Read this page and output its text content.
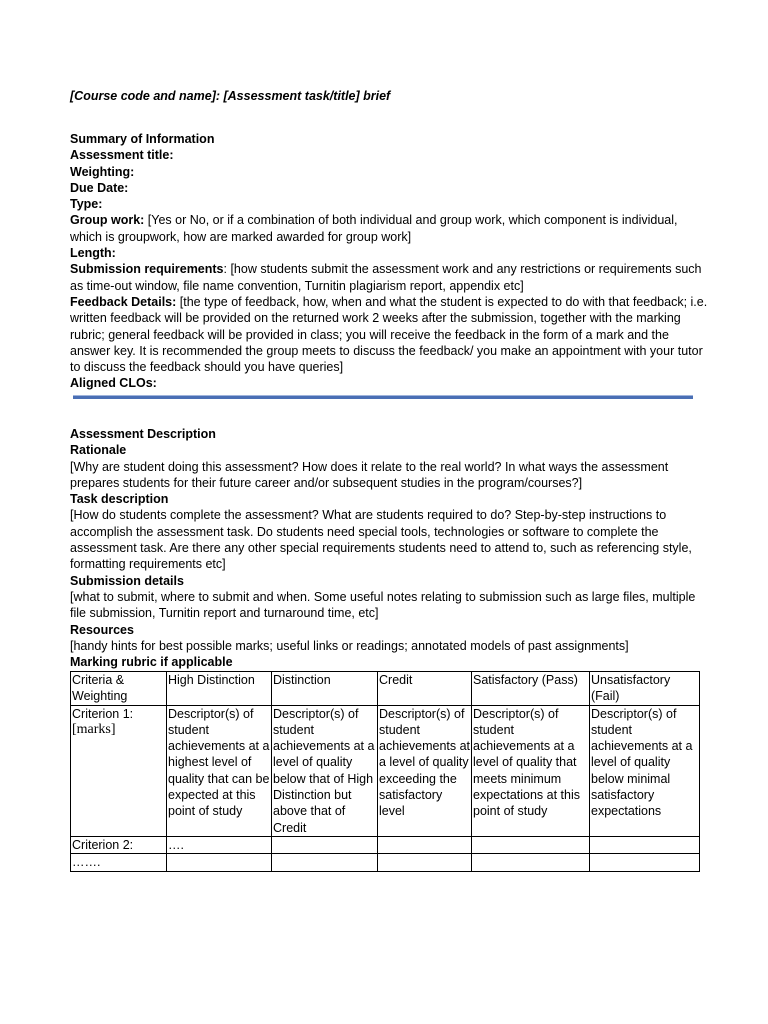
[Course code and name]: [Assessment task/title] brief

Summary of Information

Assessment title:

Weighting:

Due Date:

Type:

Group work: [Yes or No, or if a combination of both individual and group work, which component is individual, which is groupwork, how are marked awarded for group work]

Length:

Submission requirements: [how students submit the assessment work and any restrictions or requirements such as time-out window, file name convention, Turnitin plagiarism report, appendix etc]

Feedback Details: [the type of feedback, how, when and what the student is expected to do with that feedback; i.e. written feedback will be provided on the returned work 2 weeks after the submission, together with the marking rubric; general feedback will be provided in class; you will receive the feedback in the form of a mark and the answer key. It is recommended the group meets to discuss the feedback/ you make an appointment with your tutor to discuss the feedback should you have queries]

Aligned CLOs:

Assessment Description

Rationale

[Why are student doing this assessment? How does it relate to the real world? In what ways the assessment prepares students for their future career and/or subsequent studies in the program/courses?]

Task description

[How do students complete the assessment? What are students required to do? Step-by-step instructions to accomplish the assessment task. Do students need special tools, technologies or software to complete the assessment task. Are there any other special requirements students need to attend to, such as referencing style, formatting requirements etc]

Submission details

[what to submit, where to submit and when. Some useful notes relating to submission such as large files, multiple file submission, Turnitin report and turnaround time, etc]

Resources

[handy hints for best possible marks; useful links or readings; annotated models of past assignments]

Marking rubric if applicable

Criteria & Weighting	High Distinction	Distinction	Credit	Satisfactory (Pass)	Unsatisfactory (Fail)

Criterion 1:
[marks]	Descriptor(s) of student achievements at a highest level of quality that can be expected at this point of study	Descriptor(s) of student achievements at a level of quality below that of High Distinction but above that of Credit	Descriptor(s) of student achievements at a level of quality exceeding the satisfactory level	Descriptor(s) of student achievements at a level of quality that meets minimum expectations at this point of study	Descriptor(s) of student achievements at a level of quality below minimal satisfactory expectations
Criterion 2:	….				
…….					
